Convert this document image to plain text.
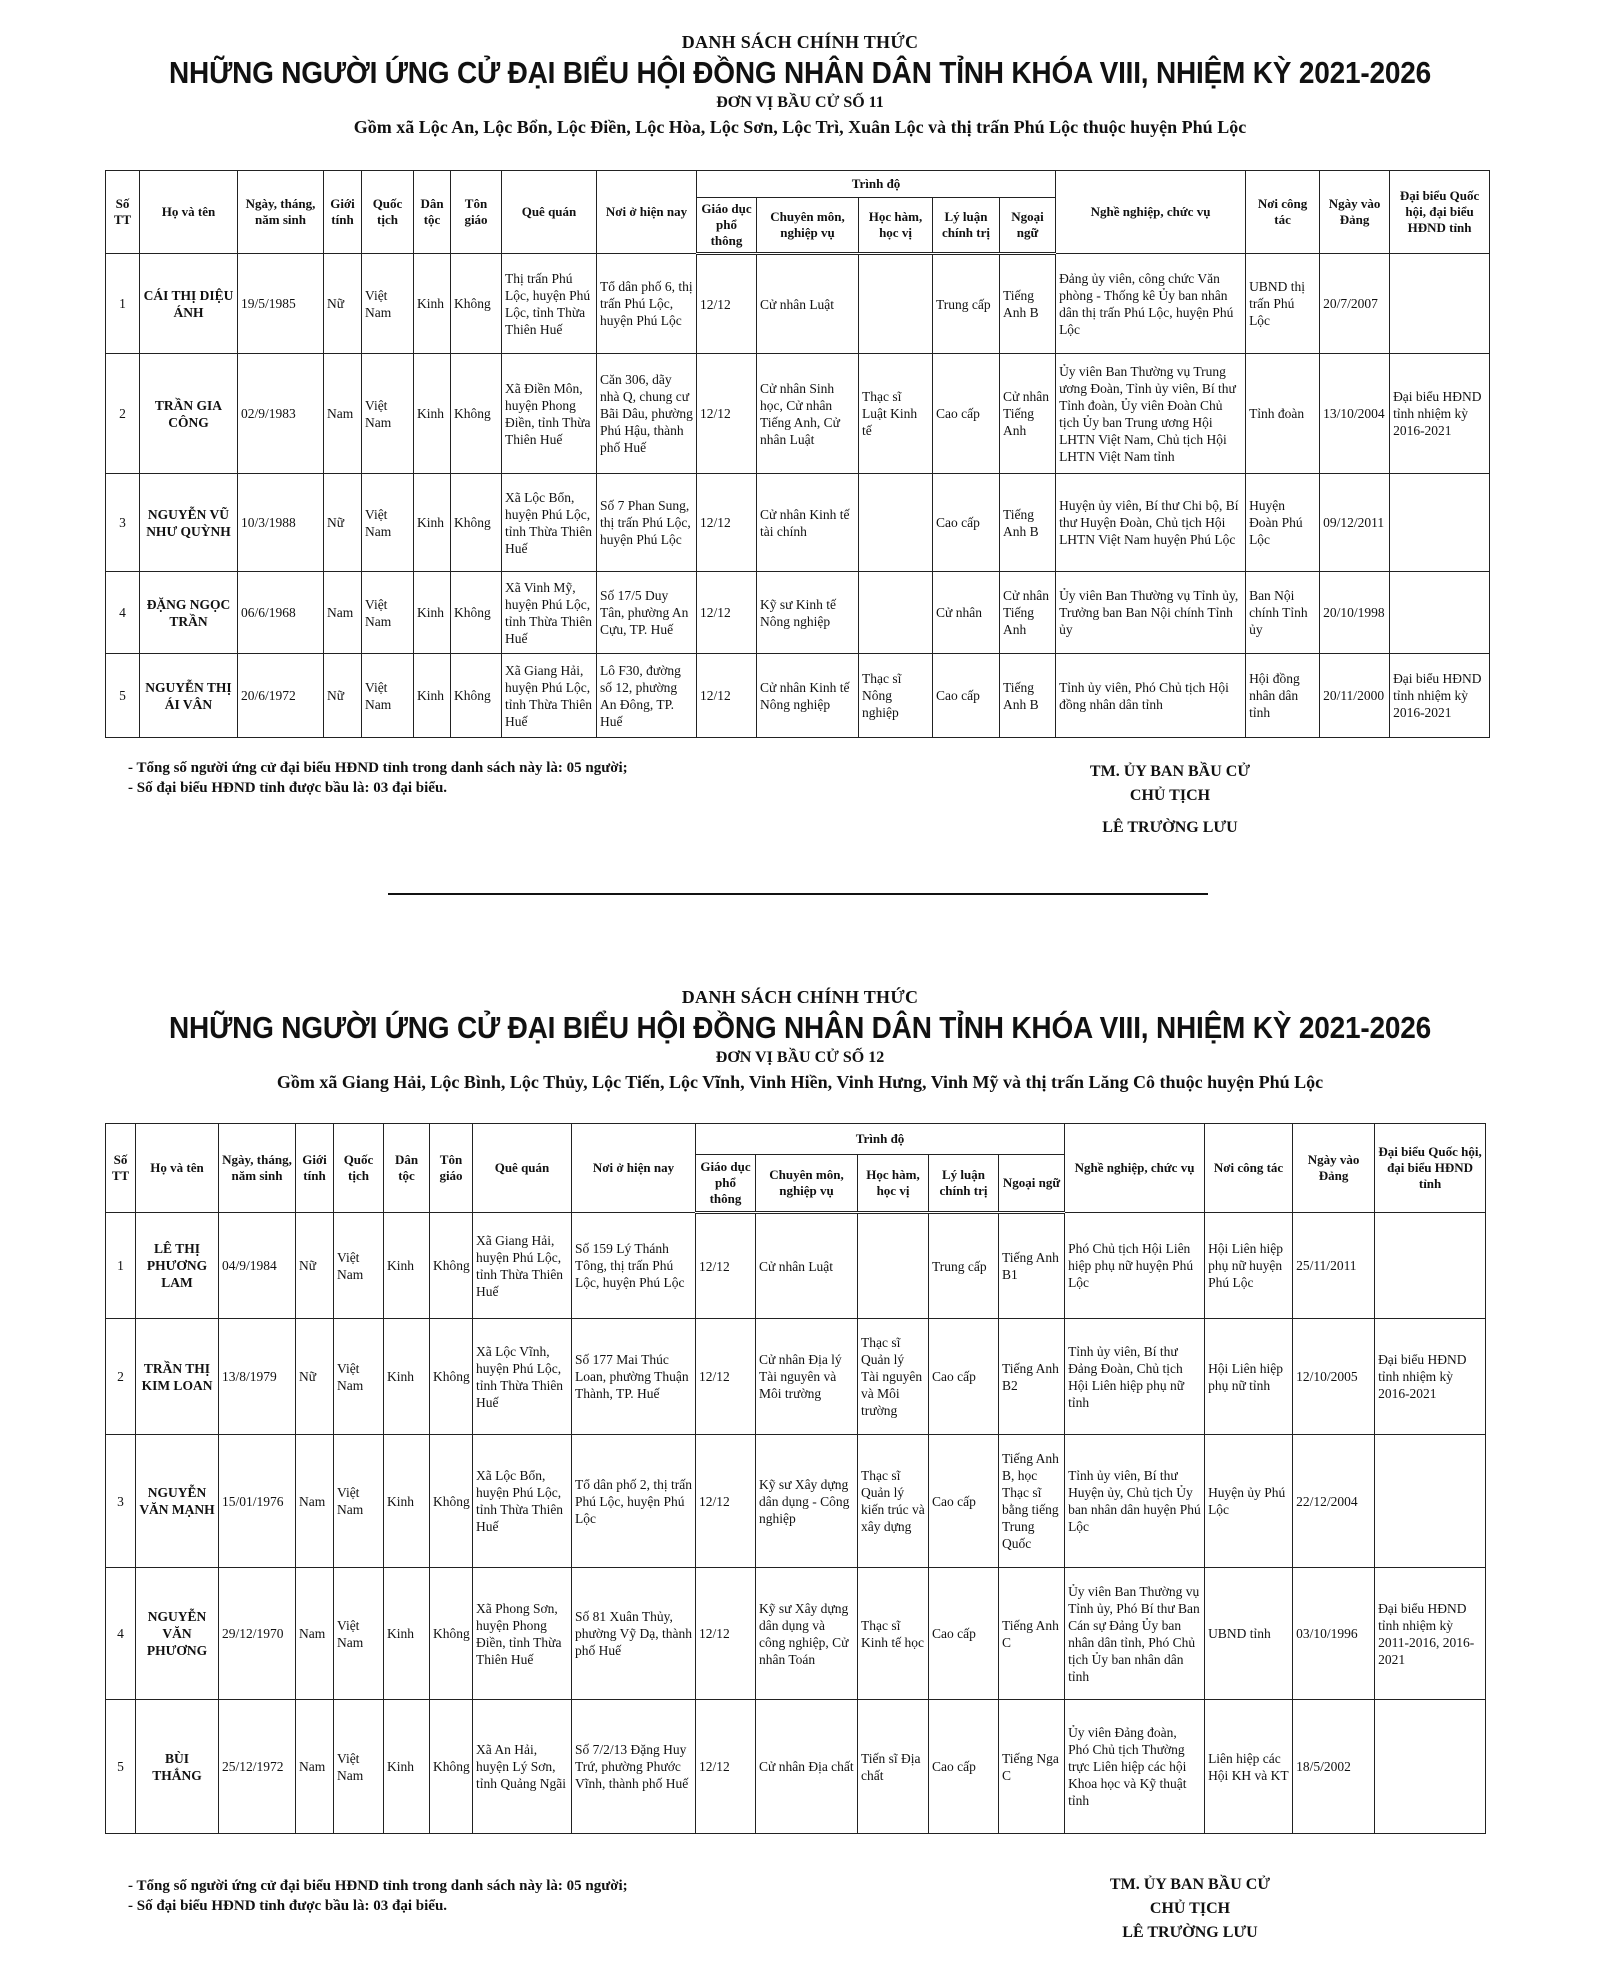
DANH SÁCH CHÍNH THỨC

NHỮNG NGƯỜI ỨNG CỬ ĐẠI BIỂU HỘI ĐỒNG NHÂN DÂN TỈNH KHÓA VIII, NHIỆM KỲ 2021-2026

ĐƠN VỊ BẦU CỬ SỐ 11

Gồm xã Lộc An, Lộc Bổn, Lộc Điền, Lộc Hòa, Lộc Sơn, Lộc Trì, Xuân Lộc và thị trấn Phú Lộc thuộc huyện Phú Lộc

Số TT	Họ và tên	Ngày, tháng, năm sinh	Giới tính	Quốc tịch	Dân tộc	Tôn giáo	Quê quán	Nơi ở hiện nay	Trình độ					Nghề nghiệp, chức vụ	Nơi công tác	Ngày vào Đảng	Đại biểu Quốc hội, đại biểu HĐND tỉnh
									Giáo dục phổ thông	Chuyên môn, nghiệp vụ	Học hàm, học vị	Lý luận chính trị	Ngoại ngữ				
1	CÁI THỊ DIỆU ÁNH	19/5/1985	Nữ	Việt Nam	Kinh	Không	Thị trấn Phú Lộc, huyện Phú Lộc, tỉnh Thừa Thiên Huế	Tổ dân phố 6, thị trấn Phú Lộc, huyện Phú Lộc	12/12	Cử nhân Luật		Trung cấp	Tiếng Anh B	Đảng ủy viên, công chức Văn phòng - Thống kê Ủy ban nhân dân thị trấn Phú Lộc, huyện Phú Lộc	UBND thị trấn Phú Lộc	20/7/2007	
2	TRẦN GIA CÔNG	02/9/1983	Nam	Việt Nam	Kinh	Không	Xã Điền Môn, huyện Phong Điền, tỉnh Thừa Thiên Huế	Căn 306, dãy nhà Q, chung cư Bãi Dâu, phường Phú Hậu, thành phố Huế	12/12	Cử nhân Sinh học, Cử nhân Tiếng Anh, Cử nhân Luật	Thạc sĩ Luật Kinh tế	Cao cấp	Cử nhân Tiếng Anh	Ủy viên Ban Thường vụ Trung ương Đoàn, Tỉnh ủy viên, Bí thư Tỉnh đoàn, Ủy viên Đoàn Chủ tịch Ủy ban Trung ương Hội LHTN Việt Nam, Chủ tịch Hội LHTN Việt Nam tỉnh	Tỉnh đoàn	13/10/2004	Đại biểu HĐND tỉnh nhiệm kỳ 2016-2021
3	NGUYỄN VŨ NHƯ QUỲNH	10/3/1988	Nữ	Việt Nam	Kinh	Không	Xã Lộc Bổn, huyện Phú Lộc, tỉnh Thừa Thiên Huế	Số 7 Phan Sung, thị trấn Phú Lộc, huyện Phú Lộc	12/12	Cử nhân Kinh tế tài chính		Cao cấp	Tiếng Anh B	Huyện ủy viên, Bí thư Chi bộ, Bí thư Huyện Đoàn, Chủ tịch Hội LHTN Việt Nam huyện Phú Lộc	Huyện Đoàn Phú Lộc	09/12/2011	
4	ĐẶNG NGỌC TRẦN	06/6/1968	Nam	Việt Nam	Kinh	Không	Xã Vinh Mỹ, huyện Phú Lộc, tỉnh Thừa Thiên Huế	Số 17/5 Duy Tân, phường An Cựu, TP. Huế	12/12	Kỹ sư Kinh tế Nông nghiệp		Cử nhân	Cử nhân Tiếng Anh	Ủy viên Ban Thường vụ Tỉnh ủy, Trưởng ban Ban Nội chính Tỉnh ủy	Ban Nội chính Tỉnh ủy	20/10/1998	
5	NGUYỄN THỊ ÁI VÂN	20/6/1972	Nữ	Việt Nam	Kinh	Không	Xã Giang Hải, huyện Phú Lộc, tỉnh Thừa Thiên Huế	Lô F30, đường số 12, phường An Đông, TP. Huế	12/12	Cử nhân Kinh tế Nông nghiệp	Thạc sĩ Nông nghiệp	Cao cấp	Tiếng Anh B	Tỉnh ủy viên, Phó Chủ tịch Hội đồng nhân dân tỉnh	Hội đồng nhân dân tỉnh	20/11/2000	Đại biểu HĐND tỉnh nhiệm kỳ 2016-2021
- Tổng số người ứng cử đại biểu HĐND tỉnh trong danh sách này là: 05 người;
- Số đại biểu HĐND tỉnh được bầu là: 03 đại biểu.
TM. ỦY BAN BẦU CỬ
CHỦ TỊCH
LÊ TRƯỜNG LƯU

DANH SÁCH CHÍNH THỨC

NHỮNG NGƯỜI ỨNG CỬ ĐẠI BIỂU HỘI ĐỒNG NHÂN DÂN TỈNH KHÓA VIII, NHIỆM KỲ 2021-2026

ĐƠN VỊ BẦU CỬ SỐ 12

Gồm xã Giang Hải, Lộc Bình, Lộc Thủy, Lộc Tiến, Lộc Vĩnh, Vinh Hiền, Vinh Hưng, Vinh Mỹ và thị trấn Lăng Cô thuộc huyện Phú Lộc

Số TT	Họ và tên	Ngày, tháng, năm sinh	Giới tính	Quốc tịch	Dân tộc	Tôn giáo	Quê quán	Nơi ở hiện nay	Trình độ					Nghề nghiệp, chức vụ	Nơi công tác	Ngày vào Đảng	Đại biểu Quốc hội, đại biểu HĐND tỉnh
									Giáo dục phổ thông	Chuyên môn, nghiệp vụ	Học hàm, học vị	Lý luận chính trị	Ngoại ngữ				
1	LÊ THỊ PHƯƠNG LAM	04/9/1984	Nữ	Việt Nam	Kinh	Không	Xã Giang Hải, huyện Phú Lộc, tỉnh Thừa Thiên Huế	Số 159 Lý Thánh Tông, thị trấn Phú Lộc, huyện Phú Lộc	12/12	Cử nhân Luật		Trung cấp	Tiếng Anh B1	Phó Chủ tịch Hội Liên hiệp phụ nữ huyện Phú Lộc	Hội Liên hiệp phụ nữ huyện Phú Lộc	25/11/2011	
2	TRẦN THỊ KIM LOAN	13/8/1979	Nữ	Việt Nam	Kinh	Không	Xã Lộc Vĩnh, huyện Phú Lộc, tỉnh Thừa Thiên Huế	Số 177 Mai Thúc Loan, phường Thuận Thành, TP. Huế	12/12	Cử nhân Địa lý Tài nguyên và Môi trường	Thạc sĩ Quản lý Tài nguyên và Môi trường	Cao cấp	Tiếng Anh B2	Tỉnh ủy viên, Bí thư Đảng Đoàn, Chủ tịch Hội Liên hiệp phụ nữ tỉnh	Hội Liên hiệp phụ nữ tỉnh	12/10/2005	Đại biểu HĐND tỉnh nhiệm kỳ 2016-2021
3	NGUYỄN VĂN MẠNH	15/01/1976	Nam	Việt Nam	Kinh	Không	Xã Lộc Bổn, huyện Phú Lộc, tỉnh Thừa Thiên Huế	Tổ dân phố 2, thị trấn Phú Lộc, huyện Phú Lộc	12/12	Kỹ sư Xây dựng dân dụng - Công nghiệp	Thạc sĩ Quản lý kiến trúc và xây dựng	Cao cấp	Tiếng Anh B, học Thạc sĩ bằng tiếng Trung Quốc	Tỉnh ủy viên, Bí thư Huyện ủy, Chủ tịch Ủy ban nhân dân huyện Phú Lộc	Huyện ủy Phú Lộc	22/12/2004	
4	NGUYỄN VĂN PHƯƠNG	29/12/1970	Nam	Việt Nam	Kinh	Không	Xã Phong Sơn, huyện Phong Điền, tỉnh Thừa Thiên Huế	Số 81 Xuân Thủy, phường Vỹ Dạ, thành phố Huế	12/12	Kỹ sư Xây dựng dân dụng và công nghiệp, Cử nhân Toán	Thạc sĩ Kinh tế học	Cao cấp	Tiếng Anh C	Ủy viên Ban Thường vụ Tỉnh ủy, Phó Bí thư Ban Cán sự Đảng Ủy ban nhân dân tỉnh, Phó Chủ tịch Ủy ban nhân dân tỉnh	UBND tỉnh	03/10/1996	Đại biểu HĐND tỉnh nhiệm kỳ 2011-2016, 2016-2021
5	BÙI THẮNG	25/12/1972	Nam	Việt Nam	Kinh	Không	Xã An Hải, huyện Lý Sơn, tỉnh Quảng Ngãi	Số 7/2/13 Đặng Huy Trứ, phường Phước Vĩnh, thành phố Huế	12/12	Cử nhân Địa chất	Tiến sĩ Địa chất	Cao cấp	Tiếng Nga C	Ủy viên Đảng đoàn, Phó Chủ tịch Thường trực Liên hiệp các hội Khoa học và Kỹ thuật tỉnh	Liên hiệp các Hội KH và KT	18/5/2002	
- Tổng số người ứng cử đại biểu HĐND tỉnh trong danh sách này là: 05 người;
- Số đại biểu HĐND tỉnh được bầu là: 03 đại biểu.
TM. ỦY BAN BẦU CỬ
CHỦ TỊCH
LÊ TRƯỜNG LƯU
